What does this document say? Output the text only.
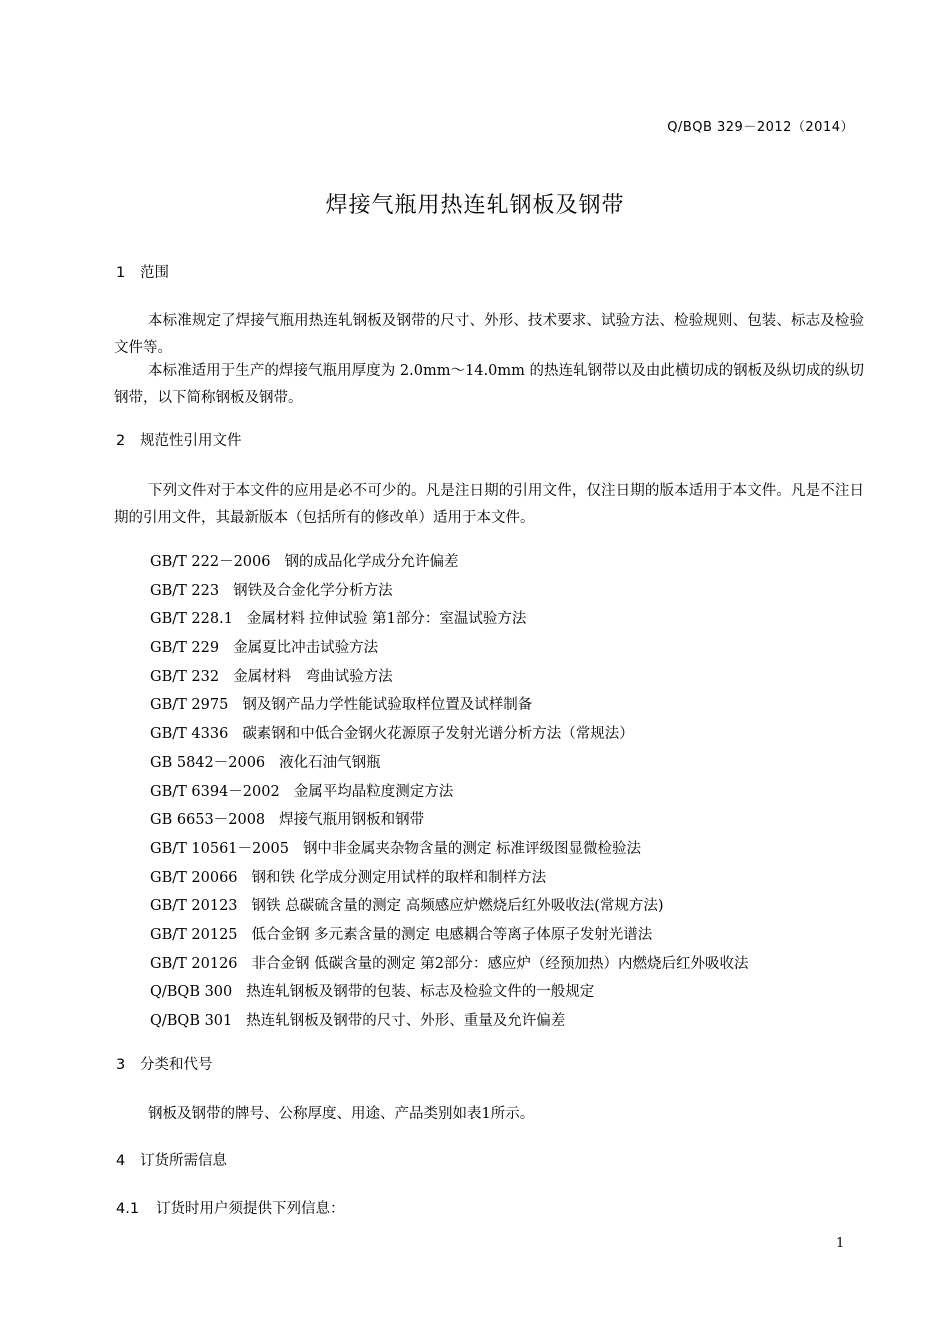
Q/BQB 329－2012（2014）
焊接气瓶用热连轧钢板及钢带
1 范围
本标准规定了焊接气瓶用热连轧钢板及钢带的尺寸、外形、技术要求、试验方法、检验规则、包装、标志及检验文件等。
本标准适用于生产的焊接气瓶用厚度为 2.0mm～14.0mm 的热连轧钢带以及由此横切成的钢板及纵切成的纵切钢带，以下简称钢板及钢带。
2 规范性引用文件
下列文件对于本文件的应用是必不可少的。凡是注日期的引用文件，仅注日期的版本适用于本文件。凡是不注日期的引用文件，其最新版本（包括所有的修改单）适用于本文件。
GB/T 222－2006 钢的成品化学成分允许偏差
GB/T 223 钢铁及合金化学分析方法
GB/T 228.1 金属材料 拉伸试验 第1部分：室温试验方法
GB/T 229 金属夏比冲击试验方法
GB/T 232 金属材料　弯曲试验方法
GB/T 2975 钢及钢产品力学性能试验取样位置及试样制备
GB/T 4336 碳素钢和中低合金钢火花源原子发射光谱分析方法（常规法）
GB 5842－2006 液化石油气钢瓶
GB/T 6394－2002 金属平均晶粒度测定方法
GB 6653－2008 焊接气瓶用钢板和钢带
GB/T 10561－2005 钢中非金属夹杂物含量的测定 标准评级图显微检验法
GB/T 20066 钢和铁 化学成分测定用试样的取样和制样方法
GB/T 20123 钢铁 总碳硫含量的测定 高频感应炉燃烧后红外吸收法(常规方法)
GB/T 20125 低合金钢 多元素含量的测定 电感耦合等离子体原子发射光谱法
GB/T 20126 非合金钢 低碳含量的测定 第2部分：感应炉（经预加热）内燃烧后红外吸收法
Q/BQB 300 热连轧钢板及钢带的包装、标志及检验文件的一般规定
Q/BQB 301 热连轧钢板及钢带的尺寸、外形、重量及允许偏差
3 分类和代号
钢板及钢带的牌号、公称厚度、用途、产品类别如表1所示。
4 订货所需信息
4.1 订货时用户须提供下列信息：
1
